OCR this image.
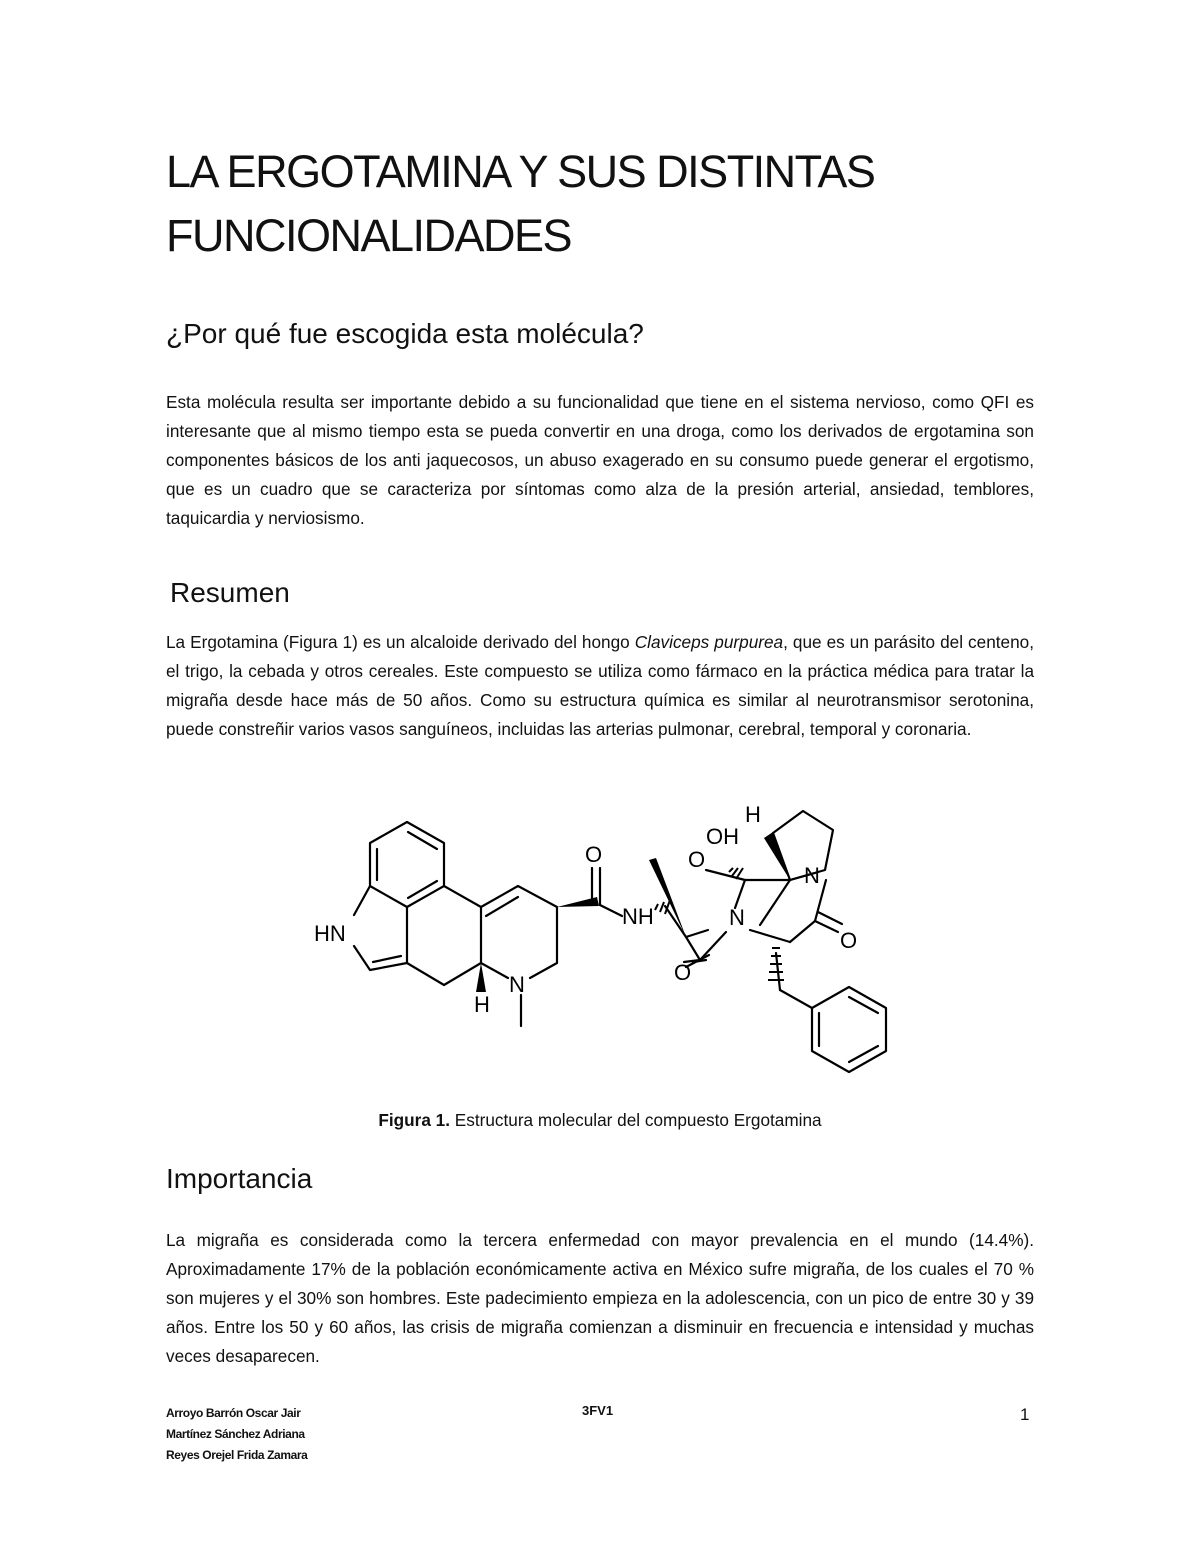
LA ERGOTAMINA Y SUS DISTINTAS FUNCIONALIDADES
¿Por qué fue escogida esta molécula?

Esta molécula resulta ser importante debido a su funcionalidad que tiene en el sistema nervioso, como QFI es interesante que al mismo tiempo esta se pueda convertir en una droga, como los derivados de ergotamina son componentes básicos de los anti jaquecosos, un abuso exagerado en su consumo puede generar el ergotismo, que es un cuadro que se caracteriza por síntomas como alza de la presión arterial, ansiedad, temblores, taquicardia y nerviosismo.

Resumen

La Ergotamina (Figura 1) es un alcaloide derivado del hongo Claviceps purpurea, que es un parásito del centeno, el trigo, la cebada y otros cereales. Este compuesto se utiliza como fármaco en la práctica médica para tratar la migraña desde hace más de 50 años. Como su estructura química es similar al neurotransmisor serotonina, puede constreñir varios vasos sanguíneos, incluidas las arterias pulmonar, cerebral, temporal y coronaria.

HN
H
N
O
NH
O
OH
H
N
N
O
O
Figura 1. Estructura molecular del compuesto Ergotamina
Importancia

La migraña es considerada como la tercera enfermedad con mayor prevalencia en el mundo (14.4%). Aproximadamente 17% de la población económicamente activa en México sufre migraña, de los cuales el 70 % son mujeres y el 30% son hombres. Este padecimiento empieza en la adolescencia, con un pico de entre 30 y 39 años. Entre los 50 y 60 años, las crisis de migraña comienzan a disminuir en frecuencia e intensidad y muchas veces desaparecen.

Arroyo Barrón Oscar Jair
Martínez Sánchez Adriana
Reyes Orejel Frida Zamara
3FV1	1
